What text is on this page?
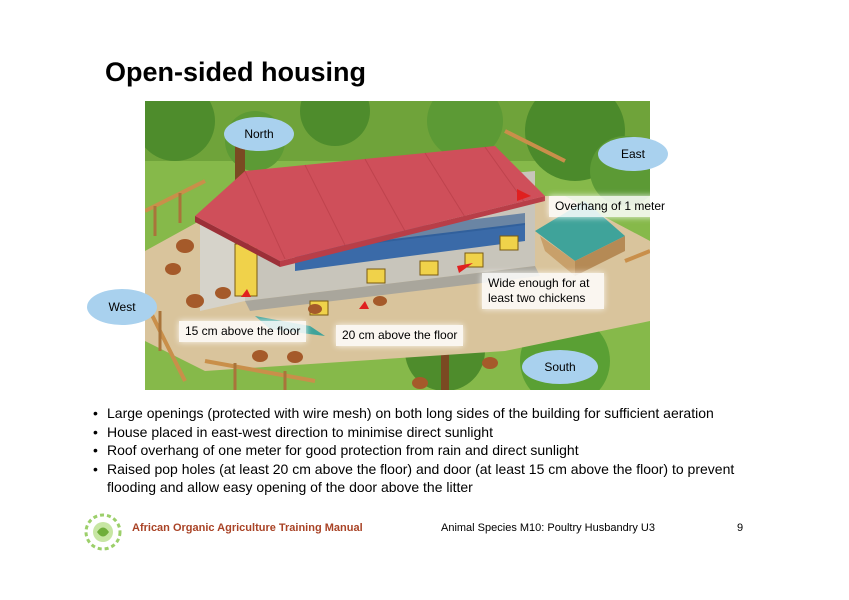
Open-sided housing
North
East
West
South
Overhang of 1 meter
Wide enough for at least two chickens
15 cm above the floor	20 cm above the floor
• Large openings (protected with wire mesh) on both long sides of the building for sufficient aeration
• House placed in east-west direction to minimise direct sunlight
• Roof overhang of one meter for good protection from rain and direct sunlight
• Raised pop holes (at least 20 cm above the floor) and door (at least 15 cm above the floor) to prevent flooding and allow easy opening of the door above the litter
African Organic Agriculture Training Manual	Animal Species M10: Poultry Husbandry U3	9
